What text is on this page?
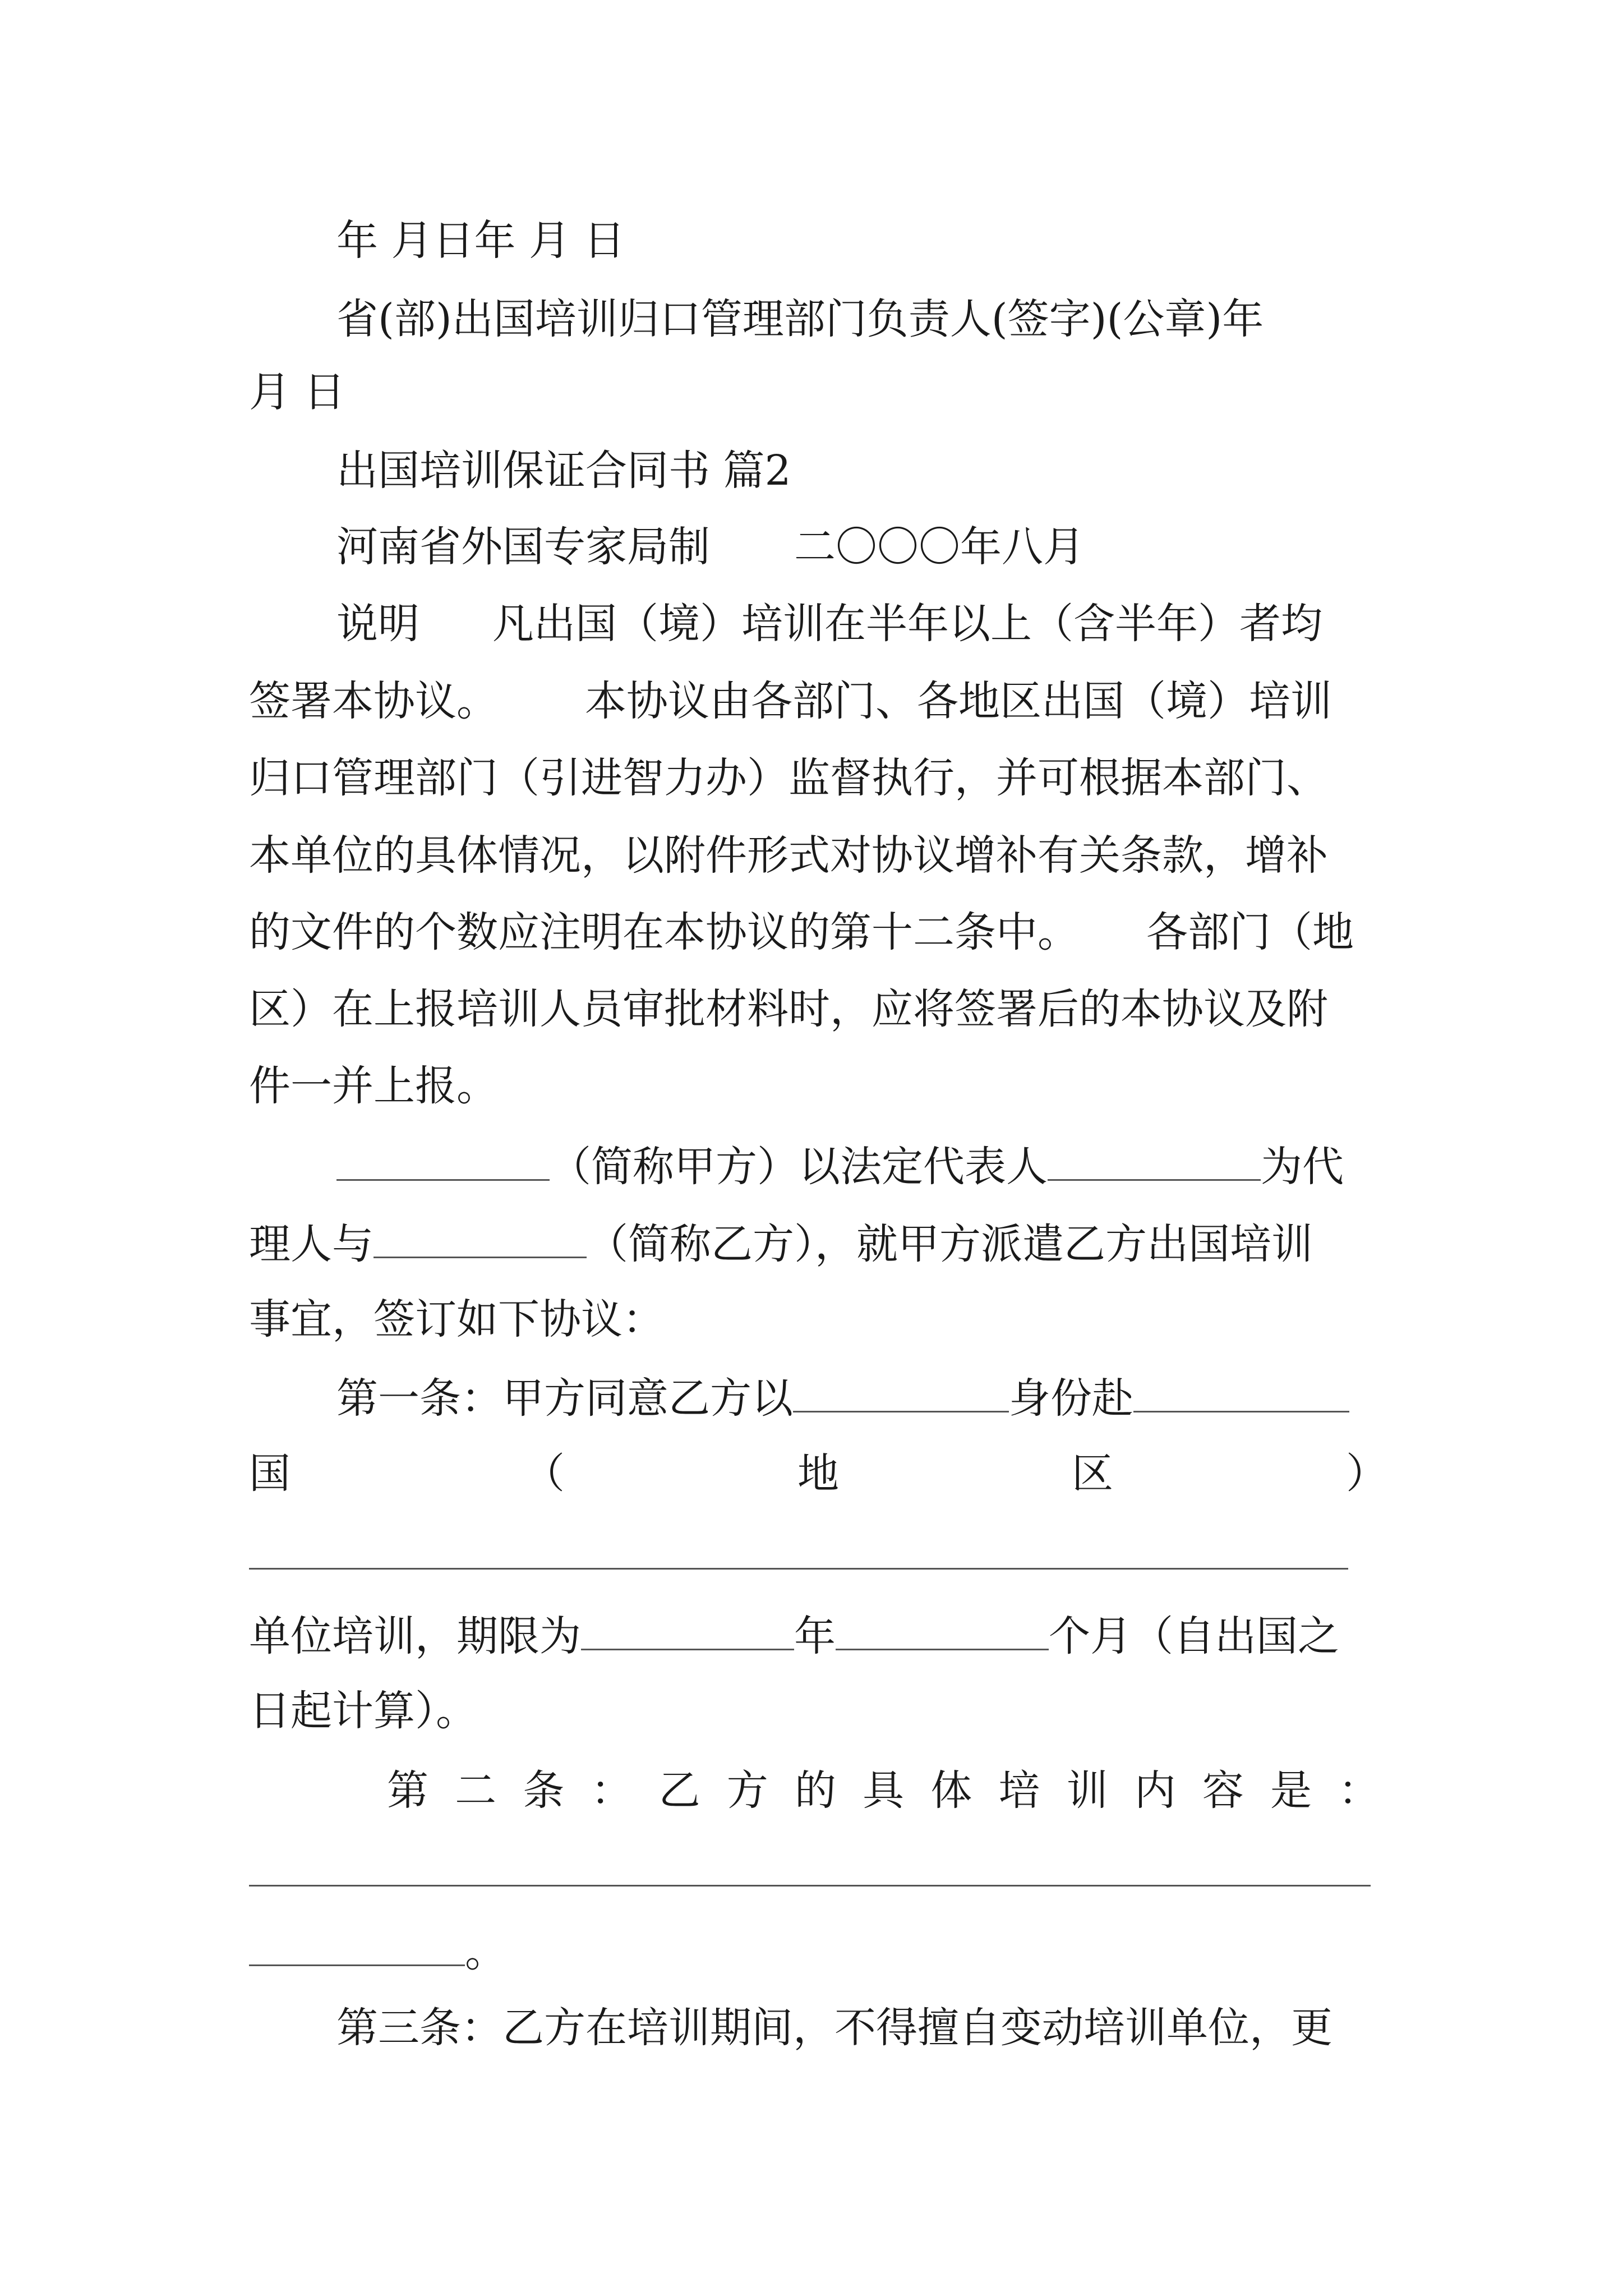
年 月日年 月 日
省(部)出国培训归口管理部门负责人(签字)(公章)年
月 日
出国培训保证合同书 篇2
河南省外国专家局制 二〇〇〇年八月
说明 凡出国（境）培训在半年以上（含半年）者均
签署本协议。 本协议由各部门、各地区出国（境）培训
归口管理部门（引进智力办）监督执行，并可根据本部门、
本单位的具体情况，以附件形式对协议增补有关条款，增补
的文件的个数应注明在本协议的第十二条中。 各部门（地
区）在上报培训人员审批材料时，应将签署后的本协议及附
件一并上报。
（简称甲方）以法定代表人	为代
理人与	（简称乙方），就甲方派遣乙方出国培训
事宜，签订如下协议：
第一条：甲方同意乙方以	身份赴
国	（	地	区	）
单位培训，期限为	年	个月（自出国之
日起计算）。
第 二 条 ： 乙 方 的 具 体 培 训 内 容 是 ：
。
第三条：乙方在培训期间，不得擅自变动培训单位，更
